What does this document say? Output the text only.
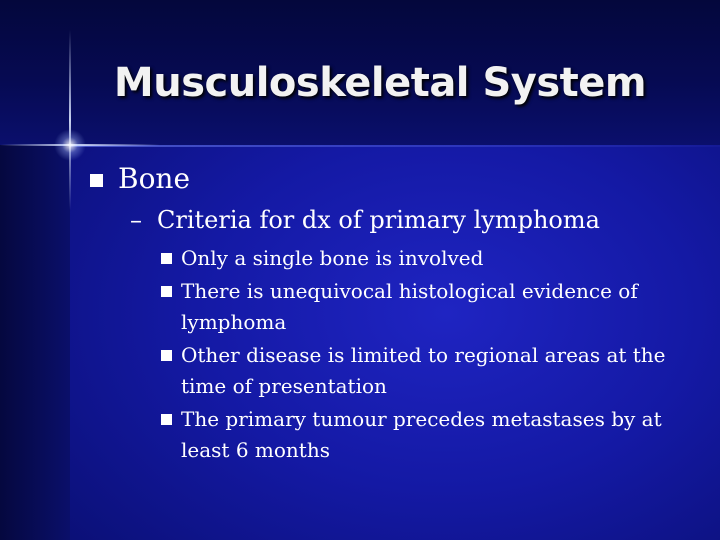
Musculoskeletal System
Bone
– Criteria for dx of primary lymphoma
Only a single bone is involved
There is unequivocal histological evidence of lymphoma
Other disease is limited to regional areas at the time of presentation
The primary tumour precedes metastases by at least 6 months
